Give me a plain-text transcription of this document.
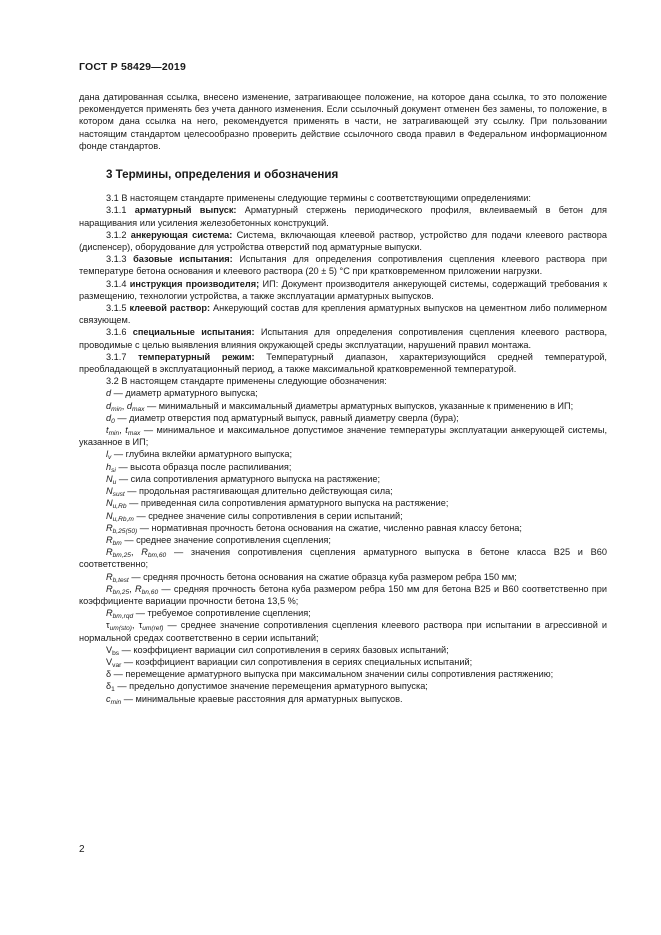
ГОСТ Р 58429—2019

дана датированная ссылка, внесено изменение, затрагивающее положение, на которое дана ссылка, то это положение рекомендуется применять без учета данного изменения. Если ссылочный документ отменен без замены, то положение, в котором дана ссылка на него, рекомендуется применять в части, не затрагивающей эту ссылку. При пользовании настоящим стандартом целесообразно проверить действие ссылочного свода правил в Федеральном информационном фонде стандартов.

3 Термины, определения и обозначения

3.1 В настоящем стандарте применены следующие термины с соответствующими определениями:

3.1.1 арматурный выпуск: Арматурный стержень периодического профиля, вклеиваемый в бетон для наращивания или усиления железобетонных конструкций.

3.1.2 анкерующая система: Система, включающая клеевой раствор, устройство для подачи клеевого раствора (диспенсер), оборудование для устройства отверстий под арматурные выпуски.

3.1.3 базовые испытания: Испытания для определения сопротивления сцепления клеевого раствора при температуре бетона основания и клеевого раствора (20 ± 5) °С при кратковременном приложении нагрузки.

3.1.4 инструкция производителя; ИП: Документ производителя анкерующей системы, содержащий требования к размещению, технологии устройства, а также эксплуатации арматурных выпусков.

3.1.5 клеевой раствор: Анкерующий состав для крепления арматурных выпусков на цементном либо полимерном связующем.

3.1.6 специальные испытания: Испытания для определения сопротивления сцепления клеевого раствора, проводимые с целью выявления влияния окружающей среды эксплуатации, нарушений правил монтажа.

3.1.7 температурный режим: Температурный диапазон, характеризующийся средней температурой, преобладающей в эксплуатационный период, а также максимальной кратковременной температурой.

3.2 В настоящем стандарте применены следующие обозначения:

d — диаметр арматурного выпуска;

$d_{min}$, $d_{max}$ — минимальный и максимальный диаметры арматурных выпусков, указанные к применению в ИП;

$d_0$ — диаметр отверстия под арматурный выпуск, равный диаметру сверла (бура);

$t_{min}$, $t_{max}$ — минимальное и максимальное допустимое значение температуры эксплуатации анкерующей системы, указанное в ИП;

$l_v$ — глубина вклейки арматурного выпуска;

$h_{si}$ — высота образца после распиливания;

$N_u$ — сила сопротивления арматурного выпуска на растяжение;

$N_{sust}$ — продольная растягивающая длительно действующая сила;

$N_{u,Rb}$ — приведенная сила сопротивления арматурного выпуска на растяжение;

$N_{u,Rb,m}$ — среднее значение силы сопротивления в серии испытаний;

$R_{b,25(50)}$ — нормативная прочность бетона основания на сжатие, численно равная классу бетона;

$R_{bm}$ — среднее значение сопротивления сцепления;

$R_{bm,25}$, $R_{bm,60}$ — значения сопротивления сцепления арматурного выпуска в бетоне класса В25 и В60 соответственно;

$R_{b,test}$ — средняя прочность бетона основания на сжатие образца куба размером ребра 150 мм;

$R_{bn,25}$, $R_{bn,60}$ — средняя прочность бетона куба размером ребра 150 мм для бетона В25 и В60 соответственно при коэффициенте вариации прочности бетона 13,5 %;

$R_{bm,rqd}$ — требуемое сопротивление сцепления;

$\tau_{um(sto)}$, $\tau_{um(ref)}$ — среднее значение сопротивления сцепления клеевого раствора при испытании в агрессивной и нормальной средах соответственно в серии испытаний;

$V_{bs}$ — коэффициент вариации сил сопротивления в сериях базовых испытаний;

$V_{var}$ — коэффициент вариации сил сопротивления в сериях специальных испытаний;

δ — перемещение арматурного выпуска при максимальном значении силы сопротивления растяжению;

$\delta_1$ — предельно допустимое значение перемещения арматурного выпуска;

$c_{min}$ — минимальные краевые расстояния для арматурных выпусков.

2
